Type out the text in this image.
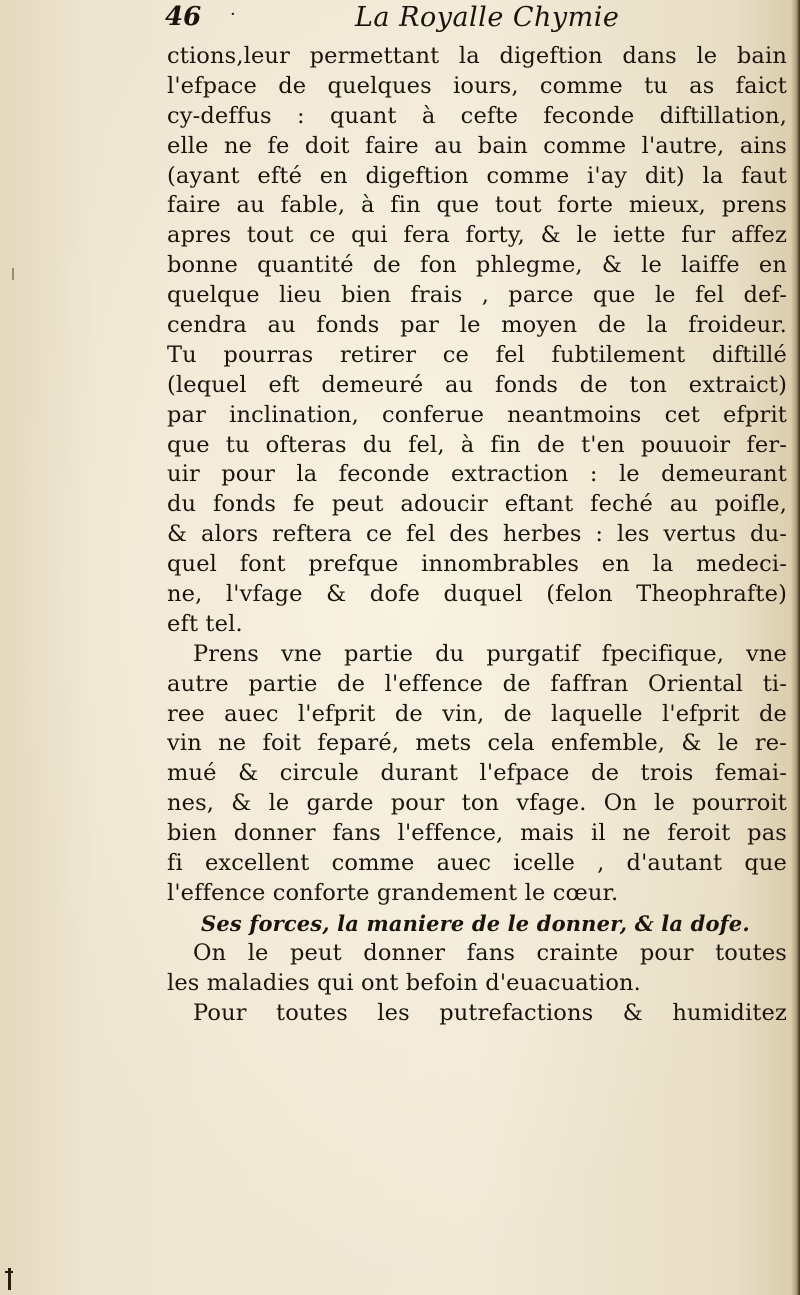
46 ·	La Royalle Chymie
ctions,leur permettant la digeftion dans le bain
l'efpace de quelques iours, comme tu as faict
cy-deffus : quant à cefte feconde diftillation,
elle ne fe doit faire au bain comme l'autre, ains
(ayant efté en digeftion comme i'ay dit) la faut
faire au fable, à fin que tout forte mieux, prens
apres tout ce qui fera forty, & le iette fur affez
bonne quantité de fon phlegme, & le laiffe en
quelque lieu bien frais , parce que le fel def-
cendra au fonds par le moyen de la froideur.
Tu pourras retirer ce fel fubtilement diftillé
(lequel eft demeuré au fonds de ton extraict)
par inclination, conferue neantmoins cet efprit
que tu ofteras du fel, à fin de t'en pouuoir fer-
uir pour la feconde extraction : le demeurant
du fonds fe peut adoucir eftant feché au poifle,
& alors reftera ce fel des herbes : les vertus du-
quel font prefque innombrables en la medeci-
ne, l'vfage & dofe duquel (felon Theophrafte)
eft tel.
Prens vne partie du purgatif fpecifique, vne
autre partie de l'effence de faffran Oriental ti-
ree auec l'efprit de vin, de laquelle l'efprit de
vin ne foit feparé, mets cela enfemble, & le re-
mué & circule durant l'efpace de trois femai-
nes, & le garde pour ton vfage. On le pourroit
bien donner fans l'effence, mais il ne feroit pas
fi excellent comme auec icelle , d'autant que
l'effence conforte grandement le cœur.
Ses forces, la maniere de le donner, & la dofe.
On le peut donner fans crainte pour toutes
les maladies qui ont befoin d'euacuation.
Pour toutes les putrefactions & humiditez
